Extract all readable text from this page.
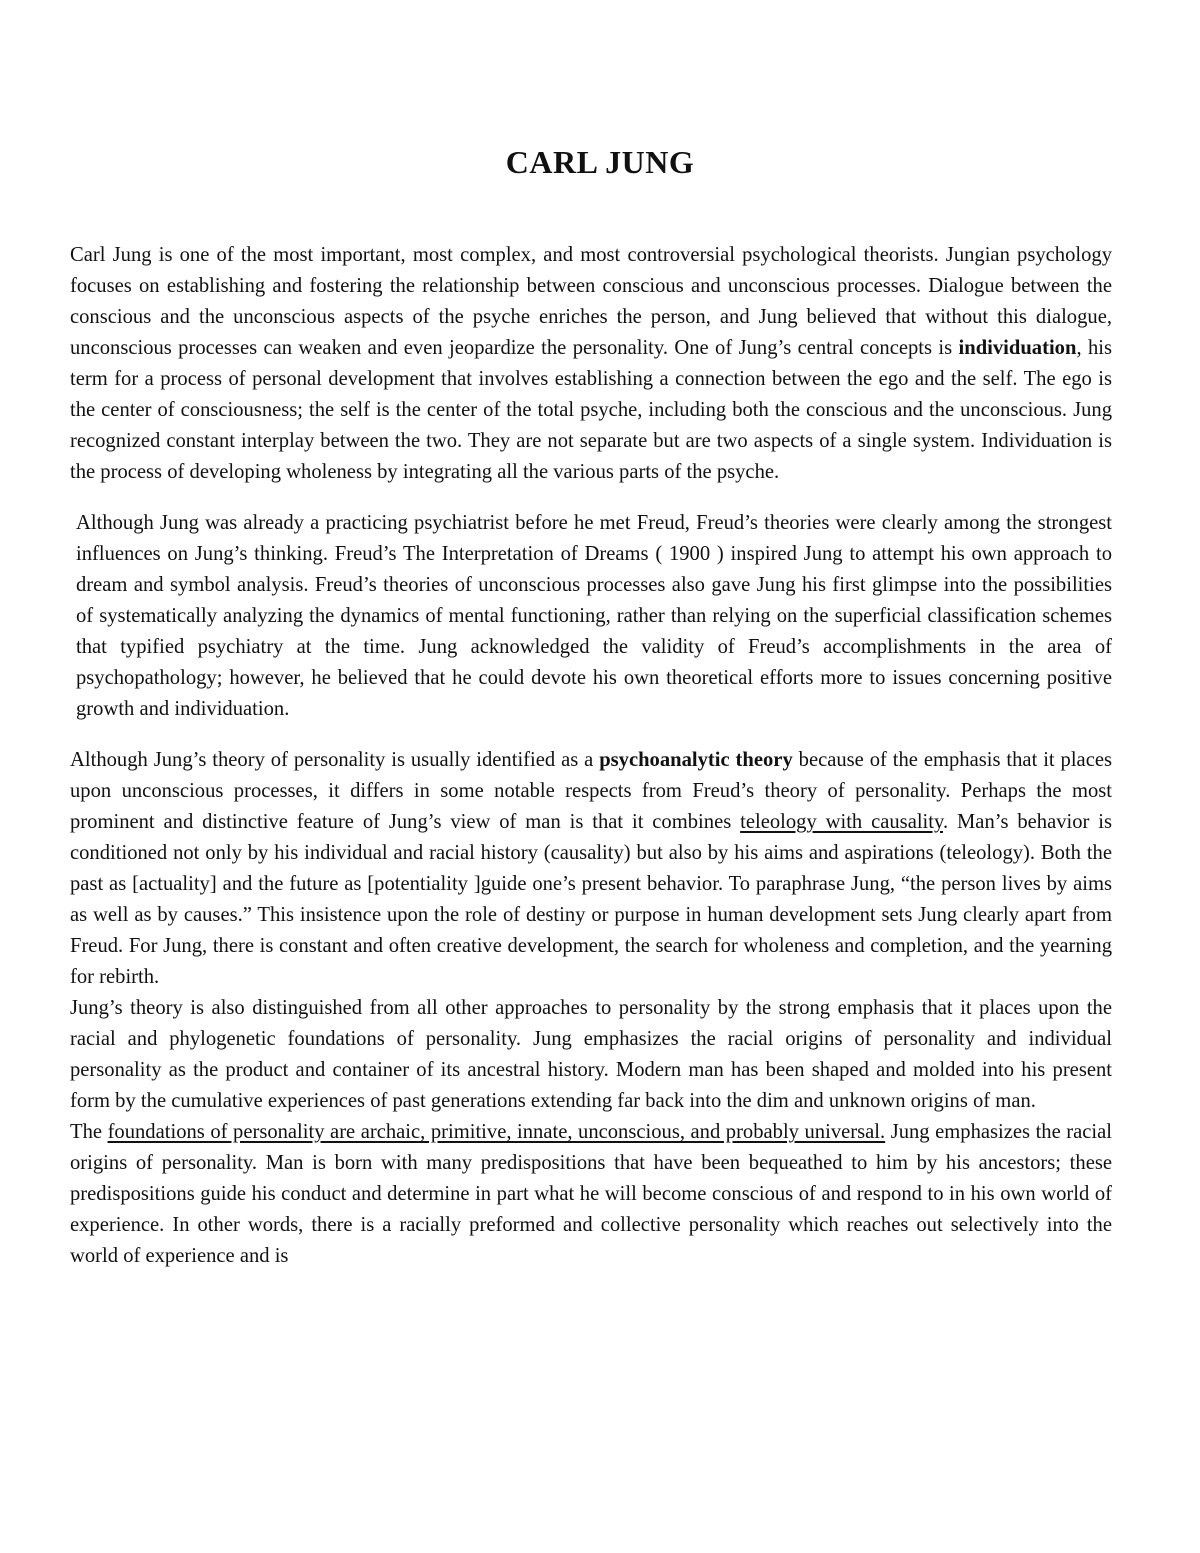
CARL JUNG

Carl Jung is one of the most important, most complex, and most controversial psychological theorists. Jungian psychology focuses on establishing and fostering the relationship between conscious and unconscious processes. Dialogue between the conscious and the unconscious aspects of the psyche enriches the person, and Jung believed that without this dialogue, unconscious processes can weaken and even jeopardize the personality. One of Jung’s central concepts is individuation, his term for a process of personal development that involves establishing a connection between the ego and the self. The ego is the center of consciousness; the self is the center of the total psyche, including both the conscious and the unconscious. Jung recognized constant interplay between the two. They are not separate but are two aspects of a single system. Individuation is the process of developing wholeness by integrating all the various parts of the psyche.

Although Jung was already a practicing psychiatrist before he met Freud, Freud’s theories were clearly among the strongest influences on Jung’s thinking. Freud’s The Interpretation of Dreams ( 1900 ) inspired Jung to attempt his own approach to dream and symbol analysis. Freud’s theories of unconscious processes also gave Jung his first glimpse into the possibilities of systematically analyzing the dynamics of mental functioning, rather than relying on the superficial classification schemes that typified psychiatry at the time. Jung acknowledged the validity of Freud’s accomplishments in the area of psychopathology; however, he believed that he could devote his own theoretical efforts more to issues concerning positive growth and individuation.

Although Jung’s theory of personality is usually identified as a psychoanalytic theory because of the emphasis that it places upon unconscious processes, it differs in some notable respects from Freud’s theory of personality. Perhaps the most prominent and distinctive feature of Jung’s view of man is that it combines teleology with causality. Man’s behavior is conditioned not only by his individual and racial history (causality) but also by his aims and aspirations (teleology). Both the past as [actuality] and the future as [potentiality ]guide one’s present behavior. To paraphrase Jung, “the person lives by aims as well as by causes.” This insistence upon the role of destiny or purpose in human development sets Jung clearly apart from Freud. For Jung, there is constant and often creative development, the search for wholeness and completion, and the yearning for rebirth.

Jung’s theory is also distinguished from all other approaches to personality by the strong emphasis that it places upon the racial and phylogenetic foundations of personality. Jung emphasizes the racial origins of personality and individual personality as the product and container of its ancestral history. Modern man has been shaped and molded into his present form by the cumulative experiences of past generations extending far back into the dim and unknown origins of man.

The foundations of personality are archaic, primitive, innate, unconscious, and probably universal. Jung emphasizes the racial origins of personality. Man is born with many predispositions that have been bequeathed to him by his ancestors; these predispositions guide his conduct and determine in part what he will become conscious of and respond to in his own world of experience. In other words, there is a racially preformed and collective personality which reaches out selectively into the world of experience and is
